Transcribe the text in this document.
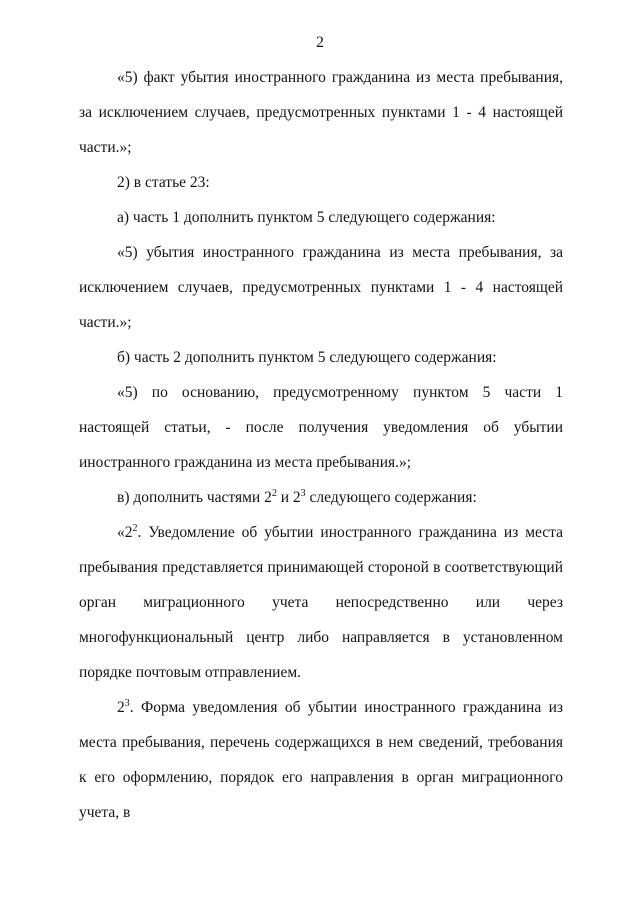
2

«5) факт убытия иностранного гражданина из места пребывания, за исключением случаев, предусмотренных пунктами 1 - 4 настоящей части.»;

2) в статье 23:

а) часть 1 дополнить пунктом 5 следующего содержания:

«5) убытия иностранного гражданина из места пребывания, за исключением случаев, предусмотренных пунктами 1 - 4 настоящей части.»;

б) часть 2 дополнить пунктом 5 следующего содержания:

«5) по основанию, предусмотренному пунктом 5 части 1 настоящей статьи, - после получения уведомления об убытии иностранного гражданина из места пребывания.»;

в) дополнить частями $2^2$ и $2^3$ следующего содержания:

«$2^2$. Уведомление об убытии иностранного гражданина из места пребывания представляется принимающей стороной в соответствующий орган миграционного учета непосредственно или через многофункциональный центр либо направляется в установленном порядке почтовым отправлением.

$2^3$. Форма уведомления об убытии иностранного гражданина из места пребывания, перечень содержащихся в нем сведений, требования к его оформлению, порядок его направления в орган миграционного учета, в
